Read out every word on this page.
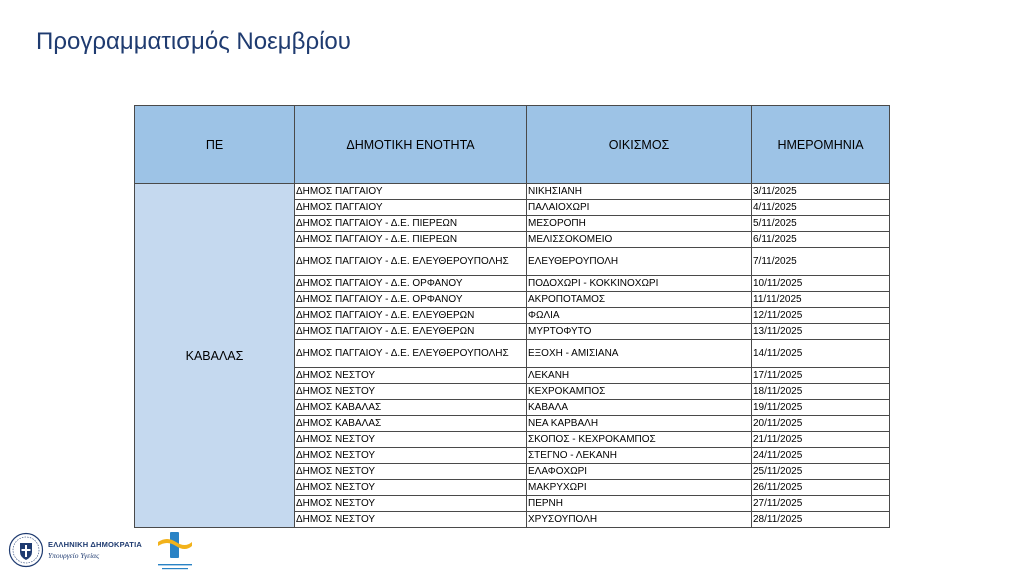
Προγραμματισμός Νοεμβρίου
ΠΕ	ΔΗΜΟΤΙΚΗ ΕΝΟΤΗΤΑ	ΟΙΚΙΣΜΟΣ	ΗΜΕΡΟΜΗΝΙΑ
ΚΑΒΑΛΑΣ	ΔΗΜΟΣ ΠΑΓΓΑΙΟΥ	ΝΙΚΗΣΙΑΝΗ	3/11/2025
	ΔΗΜΟΣ ΠΑΓΓΑΙΟΥ	ΠΑΛΑΙΟΧΩΡΙ	4/11/2025
	ΔΗΜΟΣ ΠΑΓΓΑΙΟΥ - Δ.Ε. ΠΙΕΡΕΩΝ	ΜΕΣΟΡΟΠΗ	5/11/2025
	ΔΗΜΟΣ ΠΑΓΓΑΙΟΥ - Δ.Ε. ΠΙΕΡΕΩΝ	ΜΕΛΙΣΣΟΚΟΜΕΙΟ	6/11/2025
	ΔΗΜΟΣ ΠΑΓΓΑΙΟΥ - Δ.Ε. ΕΛΕΥΘΕΡΟΥΠΟΛΗΣ	ΕΛΕΥΘΕΡΟΥΠΟΛΗ	7/11/2025
	ΔΗΜΟΣ ΠΑΓΓΑΙΟΥ - Δ.Ε. ΟΡΦΑΝΟΥ	ΠΟΔΟΧΩΡΙ - ΚΟΚΚΙΝΟΧΩΡΙ	10/11/2025
	ΔΗΜΟΣ ΠΑΓΓΑΙΟΥ - Δ.Ε. ΟΡΦΑΝΟΥ	ΑΚΡΟΠΟΤΑΜΟΣ	11/11/2025
	ΔΗΜΟΣ ΠΑΓΓΑΙΟΥ - Δ.Ε. ΕΛΕΥΘΕΡΩΝ	ΦΩΛΙΑ	12/11/2025
	ΔΗΜΟΣ ΠΑΓΓΑΙΟΥ - Δ.Ε. ΕΛΕΥΘΕΡΩΝ	ΜΥΡΤΟΦΥΤΟ	13/11/2025
	ΔΗΜΟΣ ΠΑΓΓΑΙΟΥ - Δ.Ε. ΕΛΕΥΘΕΡΟΥΠΟΛΗΣ	ΕΞΟΧΗ - ΑΜΙΣΙΑΝΑ	14/11/2025
	ΔΗΜΟΣ ΝΕΣΤΟΥ	ΛΕΚΑΝΗ	17/11/2025
	ΔΗΜΟΣ ΝΕΣΤΟΥ	ΚΕΧΡΟΚΑΜΠΟΣ	18/11/2025
	ΔΗΜΟΣ ΚΑΒΑΛΑΣ	ΚΑΒΑΛΑ	19/11/2025
	ΔΗΜΟΣ ΚΑΒΑΛΑΣ	ΝΕΑ ΚΑΡΒΑΛΗ	20/11/2025
	ΔΗΜΟΣ ΝΕΣΤΟΥ	ΣΚΟΠΟΣ - ΚΕΧΡΟΚΑΜΠΟΣ	21/11/2025
	ΔΗΜΟΣ ΝΕΣΤΟΥ	ΣΤΕΓΝΟ - ΛΕΚΑΝΗ	24/11/2025
	ΔΗΜΟΣ ΝΕΣΤΟΥ	ΕΛΑΦΟΧΩΡΙ	25/11/2025
	ΔΗΜΟΣ ΝΕΣΤΟΥ	ΜΑΚΡΥΧΩΡΙ	26/11/2025
	ΔΗΜΟΣ ΝΕΣΤΟΥ	ΠΕΡΝΗ	27/11/2025
	ΔΗΜΟΣ ΝΕΣΤΟΥ	ΧΡΥΣΟΥΠΟΛΗ	28/11/2025
ΕΛΛΗΝΙΚΗ ΔΗΜΟΚΡΑΤΙΑ
Υπουργείο Υγείας
